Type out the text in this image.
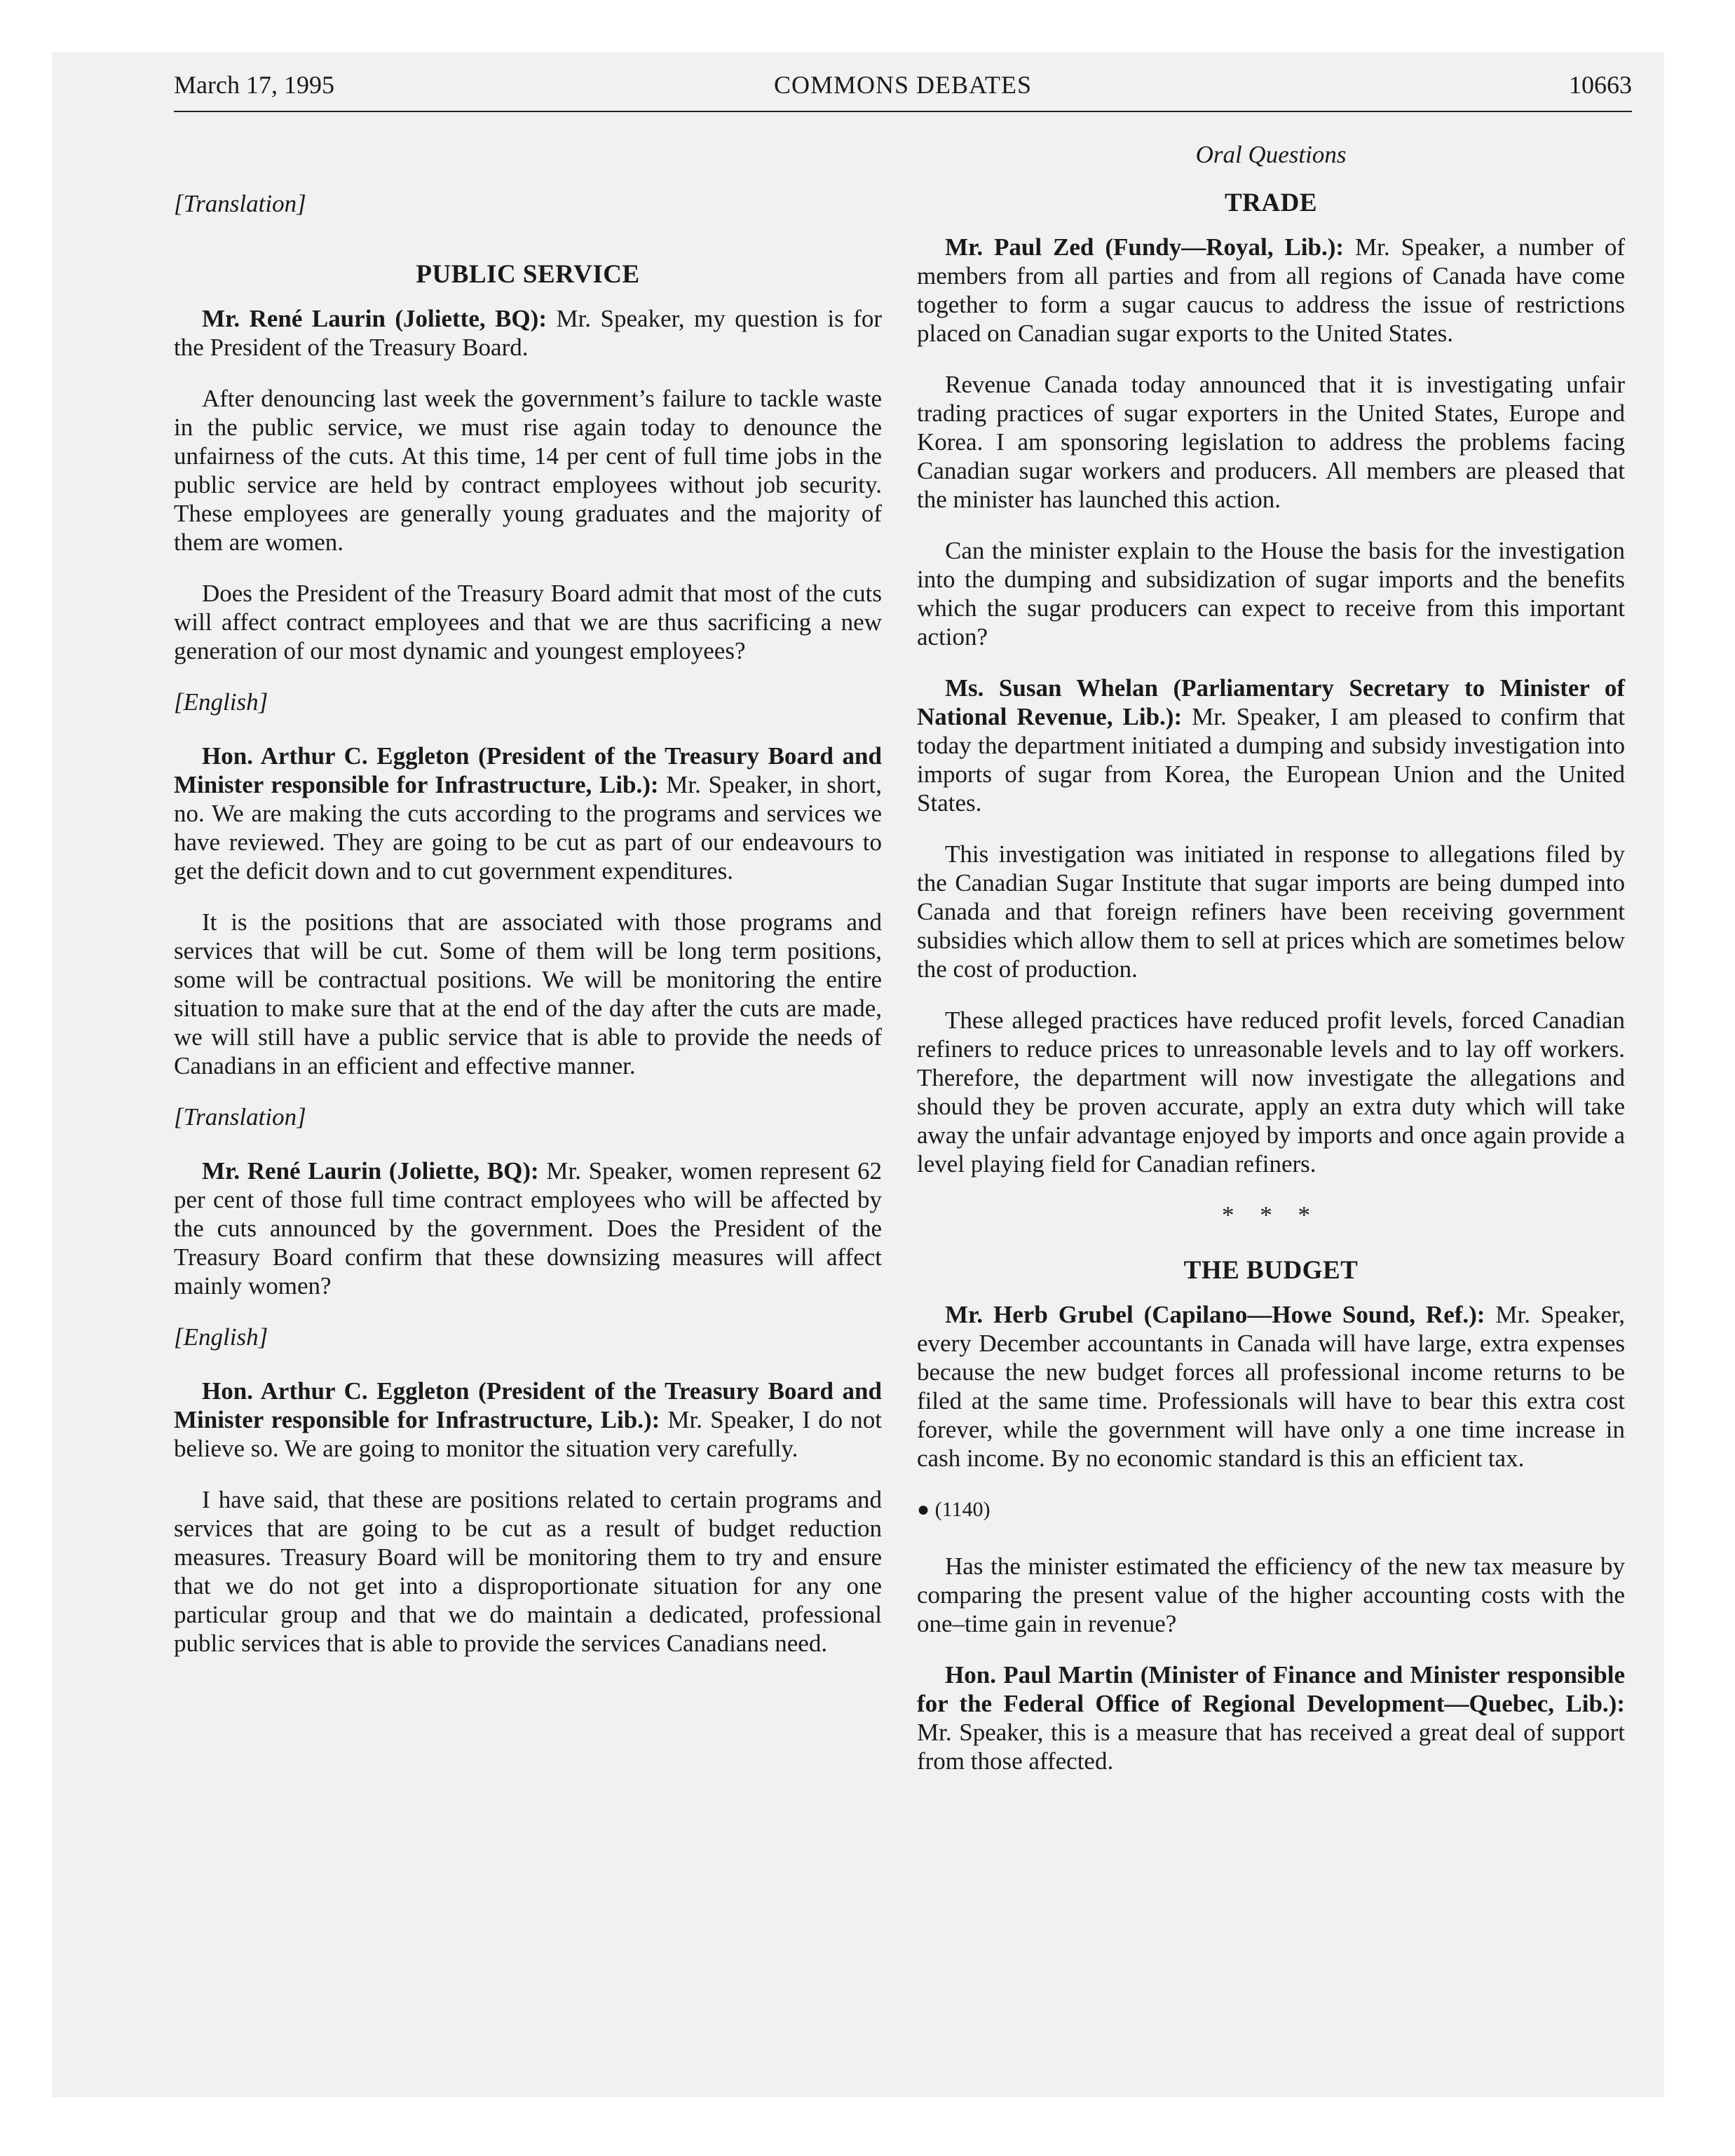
March 17, 1995	COMMONS DEBATES	10663

[Translation]

PUBLIC SERVICE

Mr. René Laurin (Joliette, BQ): Mr. Speaker, my question is for the President of the Treasury Board.

After denouncing last week the government’s failure to tackle waste in the public service, we must rise again today to denounce the unfairness of the cuts. At this time, 14 per cent of full time jobs in the public service are held by contract employees without job security. These employees are generally young graduates and the majority of them are women.

Does the President of the Treasury Board admit that most of the cuts will affect contract employees and that we are thus sacrificing a new generation of our most dynamic and youngest employees?

[English]

Hon. Arthur C. Eggleton (President of the Treasury Board and Minister responsible for Infrastructure, Lib.): Mr. Speaker, in short, no. We are making the cuts according to the programs and services we have reviewed. They are going to be cut as part of our endeavours to get the deficit down and to cut government expenditures.

It is the positions that are associated with those programs and services that will be cut. Some of them will be long term positions, some will be contractual positions. We will be monitoring the entire situation to make sure that at the end of the day after the cuts are made, we will still have a public service that is able to provide the needs of Canadians in an efficient and effective manner.

[Translation]

Mr. René Laurin (Joliette, BQ): Mr. Speaker, women represent 62 per cent of those full time contract employees who will be affected by the cuts announced by the government. Does the President of the Treasury Board confirm that these downsizing measures will affect mainly women?

[English]

Hon. Arthur C. Eggleton (President of the Treasury Board and Minister responsible for Infrastructure, Lib.): Mr. Speaker, I do not believe so. We are going to monitor the situation very carefully.

I have said, that these are positions related to certain programs and services that are going to be cut as a result of budget reduction measures. Treasury Board will be monitoring them to try and ensure that we do not get into a disproportionate situation for any one particular group and that we do maintain a dedicated, professional public services that is able to provide the services Canadians need.

Oral Questions
TRADE

Mr. Paul Zed (Fundy—Royal, Lib.): Mr. Speaker, a number of members from all parties and from all regions of Canada have come together to form a sugar caucus to address the issue of restrictions placed on Canadian sugar exports to the United States.

Revenue Canada today announced that it is investigating unfair trading practices of sugar exporters in the United States, Europe and Korea. I am sponsoring legislation to address the problems facing Canadian sugar workers and producers. All members are pleased that the minister has launched this action.

Can the minister explain to the House the basis for the investigation into the dumping and subsidization of sugar imports and the benefits which the sugar producers can expect to receive from this important action?

Ms. Susan Whelan (Parliamentary Secretary to Minister of National Revenue, Lib.): Mr. Speaker, I am pleased to confirm that today the department initiated a dumping and subsidy investigation into imports of sugar from Korea, the European Union and the United States.

This investigation was initiated in response to allegations filed by the Canadian Sugar Institute that sugar imports are being dumped into Canada and that foreign refiners have been receiving government subsidies which allow them to sell at prices which are sometimes below the cost of production.

These alleged practices have reduced profit levels, forced Canadian refiners to reduce prices to unreasonable levels and to lay off workers. Therefore, the department will now investigate the allegations and should they be proven accurate, apply an extra duty which will take away the unfair advantage enjoyed by imports and once again provide a level playing field for Canadian refiners.

* * *

THE BUDGET

Mr. Herb Grubel (Capilano—Howe Sound, Ref.): Mr. Speaker, every December accountants in Canada will have large, extra expenses because the new budget forces all professional income returns to be filed at the same time. Professionals will have to bear this extra cost forever, while the government will have only a one time increase in cash income. By no economic standard is this an efficient tax.

● (1140)

Has the minister estimated the efficiency of the new tax measure by comparing the present value of the higher accounting costs with the one–time gain in revenue?

Hon. Paul Martin (Minister of Finance and Minister responsible for the Federal Office of Regional Development—Quebec, Lib.): Mr. Speaker, this is a measure that has received a great deal of support from those affected.
